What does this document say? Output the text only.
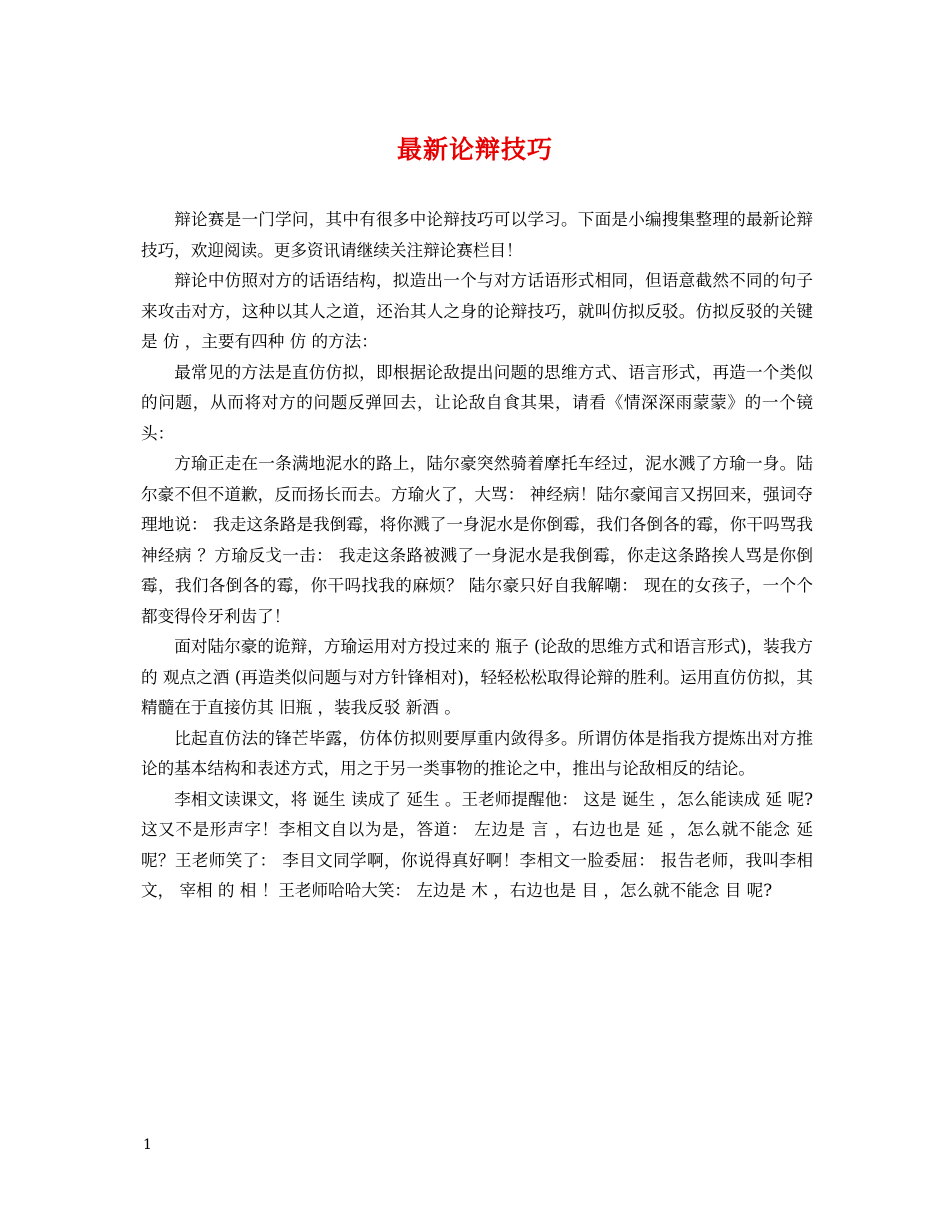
最新论辩技巧

辩论赛是一门学问，其中有很多中论辩技巧可以学习。下面是小编搜集整理的最新论辩技巧，欢迎阅读。更多资讯请继续关注辩论赛栏目！

辩论中仿照对方的话语结构，拟造出一个与对方话语形式相同，但语意截然不同的句子来攻击对方，这种以其人之道，还治其人之身的论辩技巧，就叫仿拟反驳。仿拟反驳的关键是 仿 ，主要有四种 仿 的方法：

最常见的方法是直仿仿拟，即根据论敌提出问题的思维方式、语言形式，再造一个类似的问题，从而将对方的问题反弹回去，让论敌自食其果，请看《情深深雨蒙蒙》的一个镜头：

方瑜正走在一条满地泥水的路上，陆尔豪突然骑着摩托车经过，泥水溅了方瑜一身。陆尔豪不但不道歉，反而扬长而去。方瑜火了，大骂： 神经病！陆尔豪闻言又拐回来，强词夺理地说： 我走这条路是我倒霉，将你溅了一身泥水是你倒霉，我们各倒各的霉，你干吗骂我 神经病 ？方瑜反戈一击： 我走这条路被溅了一身泥水是我倒霉，你走这条路挨人骂是你倒霉，我们各倒各的霉，你干吗找我的麻烦？ 陆尔豪只好自我解嘲： 现在的女孩子，一个个都变得伶牙利齿了！

面对陆尔豪的诡辩，方瑜运用对方投过来的 瓶子 (论敌的思维方式和语言形式)，装我方的 观点之酒 (再造类似问题与对方针锋相对)，轻轻松松取得论辩的胜利。运用直仿仿拟，其精髓在于直接仿其 旧瓶 ，装我反驳 新酒 。

比起直仿法的锋芒毕露，仿体仿拟则要厚重内敛得多。所谓仿体是指我方提炼出对方推论的基本结构和表述方式，用之于另一类事物的推论之中，推出与论敌相反的结论。

李相文读课文，将 诞生 读成了 延生 。王老师提醒他： 这是 诞生 ，怎么能读成 延 呢?这又不是形声字！李相文自以为是，答道： 左边是 言 ，右边也是 延 ，怎么就不能念 延 呢？王老师笑了： 李目文同学啊，你说得真好啊！李相文一脸委屈： 报告老师，我叫李相文， 宰相 的 相 ！王老师哈哈大笑： 左边是 木 ，右边也是 目 ，怎么就不能念 目 呢?

1
